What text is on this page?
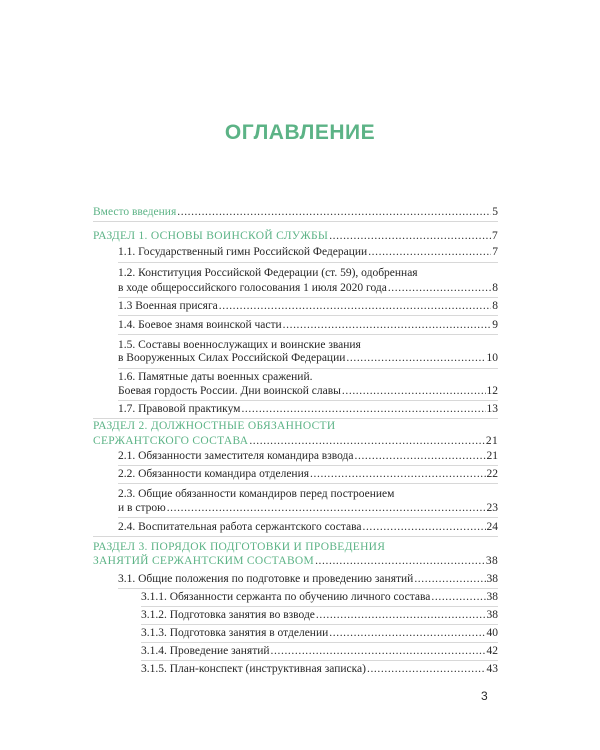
ОГЛАВЛЕНИЕ
Вместо введения .....	5
РАЗДЕЛ 1. ОСНОВЫ ВОИНСКОЙ СЛУЖБЫ .....	7
1.1. Государственный гимн Российской Федерации .....	7
1.2. Конституция Российской Федерации (ст. 59), одобренная
в ходе общероссийского голосования 1 июля 2020 года .....	8
1.3 Военная присяга .....	8
1.4. Боевое знамя воинской части .....	9
1.5. Составы военнослужащих и воинские звания
в Вооруженных Силах Российской Федерации .....	10
1.6. Памятные даты военных сражений.
Боевая гордость России. Дни воинской славы .....	12
1.7. Правовой практикум .....	13
РАЗДЕЛ 2. ДОЛЖНОСТНЫЕ ОБЯЗАННОСТИ
СЕРЖАНТСКОГО СОСТАВА .....	21
2.1. Обязанности заместителя командира взвода .....	21
2.2. Обязанности командира отделения .....	22
2.3. Общие обязанности командиров перед построением
и в строю .....	23
2.4. Воспитательная работа сержантского состава .....	24
РАЗДЕЛ 3. ПОРЯДОК ПОДГОТОВКИ И ПРОВЕДЕНИЯ
ЗАНЯТИЙ СЕРЖАНТСКИМ СОСТАВОМ .....	38
3.1. Общие положения по подготовке и проведению занятий .....	38
3.1.1. Обязанности сержанта по обучению личного состава .....	38
3.1.2. Подготовка занятия во взводе .....	38
3.1.3. Подготовка занятия в отделении .....	40
3.1.4. Проведение занятий .....	42
3.1.5. План-конспект (инструктивная записка) .....	43
3
